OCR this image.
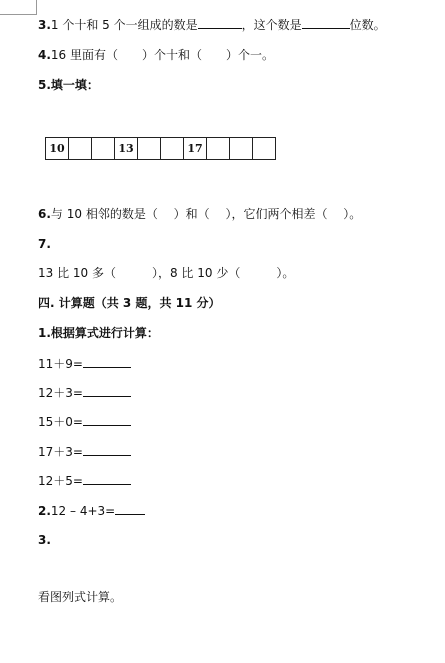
3.1 个十和 5 个一组成的数是	，这个数是	位数。
4.16 里面有（　　）个十和（　　）个一。
5.填一填：
10			13			17			
6.与 10 相邻的数是（　 ）和（　 ），它们两个相差（　 ）。
7.
13 比 10 多（　　　），8 比 10 少（　　　）。
四. 计算题（共 3 题，共 11 分）
1.根据算式进行计算：
11＋9=
12＋3=
15＋0=
17＋3=
12＋5=
2.12 – 4+3=
3.
看图列式计算。
